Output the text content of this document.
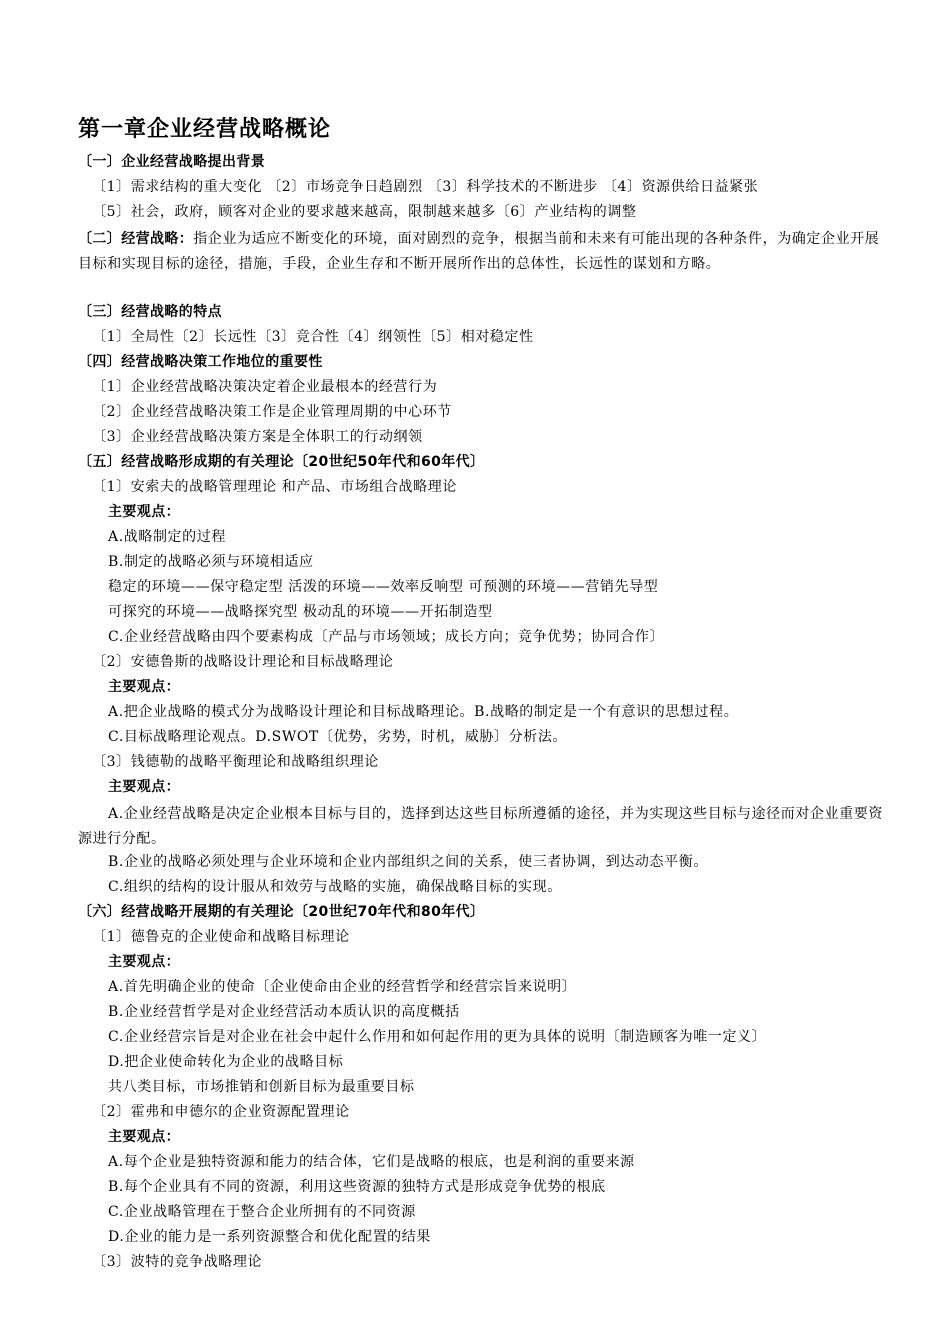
第一章企业经营战略概论
〔一〕企业经营战略提出背景
〔1〕需求结构的重大变化 〔2〕市场竞争日趋剧烈 〔3〕科学技术的不断进步 〔4〕资源供给日益紧张
〔5〕社会，政府，顾客对企业的要求越来越高，限制越来越多〔6〕产业结构的调整
〔二〕经营战略：指企业为适应不断变化的环境，面对剧烈的竞争，根据当前和未来有可能出现的各种条件，为确定企业开展目标和实现目标的途径，措施，手段，企业生存和不断开展所作出的总体性，长远性的谋划和方略。
〔三〕经营战略的特点
〔1〕全局性〔2〕长远性〔3〕竞合性〔4〕纲领性〔5〕相对稳定性
〔四〕经营战略决策工作地位的重要性
〔1〕企业经营战略决策决定着企业最根本的经营行为
〔2〕企业经营战略决策工作是企业管理周期的中心环节
〔3〕企业经营战略决策方案是全体职工的行动纲领
〔五〕经营战略形成期的有关理论〔20世纪50年代和60年代〕
〔1〕安索夫的战略管理理论 和产品、市场组合战略理论
主要观点：
A.战略制定的过程
B.制定的战略必须与环境相适应
稳定的环境——保守稳定型 活泼的环境——效率反响型 可预测的环境——营销先导型
可探究的环境——战略探究型 极动乱的环境——开拓制造型
C.企业经营战略由四个要素构成〔产品与市场领域；成长方向；竞争优势；协同合作〕
〔2〕安德鲁斯的战略设计理论和目标战略理论
主要观点：
A.把企业战略的模式分为战略设计理论和目标战略理论。B.战略的制定是一个有意识的思想过程。
C.目标战略理论观点。D.SWOT〔优势，劣势，时机，威胁〕分析法。
〔3〕钱德勒的战略平衡理论和战略组织理论
主要观点：
A.企业经营战略是决定企业根本目标与目的，选择到达这些目标所遵循的途径，并为实现这些目标与途径而对企业重要资源进行分配。
B.企业的战略必须处理与企业环境和企业内部组织之间的关系，使三者协调，到达动态平衡。
C.组织的结构的设计服从和效劳与战略的实施，确保战略目标的实现。
〔六〕经营战略开展期的有关理论〔20世纪70年代和80年代〕
〔1〕德鲁克的企业使命和战略目标理论
主要观点：
A.首先明确企业的使命〔企业使命由企业的经营哲学和经营宗旨来说明〕
B.企业经营哲学是对企业经营活动本质认识的高度概括
C.企业经营宗旨是对企业在社会中起什么作用和如何起作用的更为具体的说明〔制造顾客为唯一定义〕
D.把企业使命转化为企业的战略目标
共八类目标，市场推销和创新目标为最重要目标
〔2〕霍弗和申德尔的企业资源配置理论
主要观点：
A.每个企业是独特资源和能力的结合体，它们是战略的根底，也是利润的重要来源
B.每个企业具有不同的资源，利用这些资源的独特方式是形成竞争优势的根底
C.企业战略管理在于整合企业所拥有的不同资源
D.企业的能力是一系列资源整合和优化配置的结果
〔3〕波特的竞争战略理论
